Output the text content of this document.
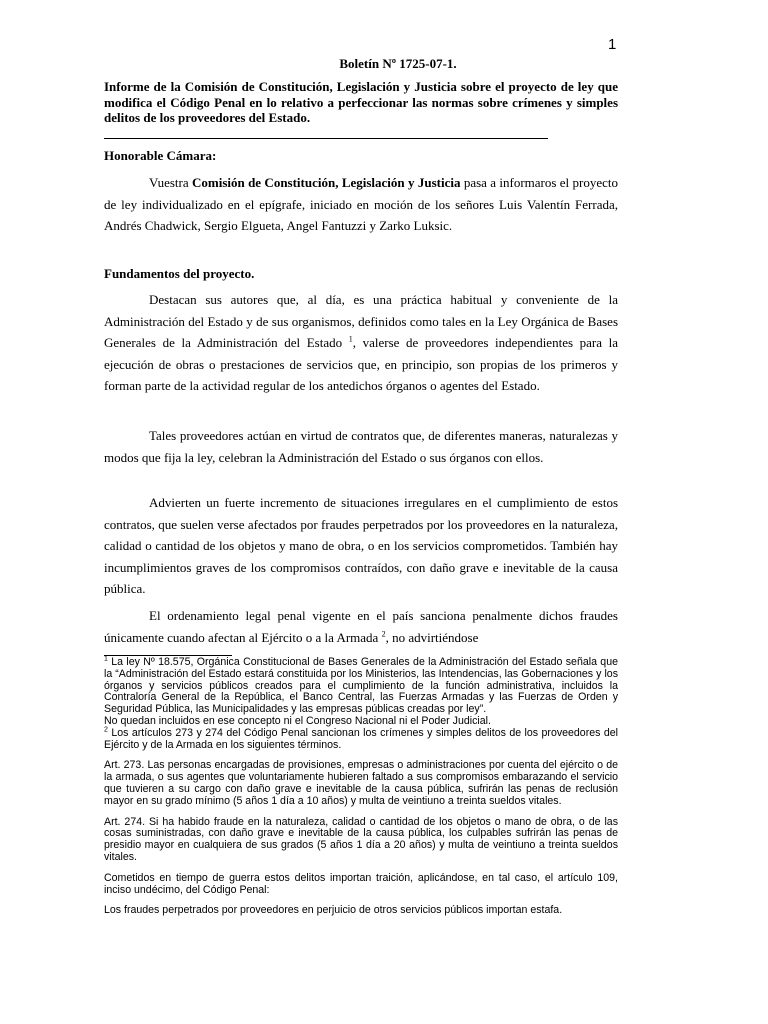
1
Boletín Nº 1725-07-1.
Informe de la Comisión de Constitución, Legislación y Justicia sobre el proyecto de ley que modifica el Código Penal en lo relativo a perfeccionar las normas sobre crímenes y simples delitos de los proveedores del Estado.
Honorable Cámara:
Vuestra Comisión de Constitución, Legislación y Justicia pasa a informaros el proyecto de ley individualizado en el epígrafe, iniciado en moción de los señores Luis Valentín Ferrada, Andrés Chadwick, Sergio Elgueta, Angel Fantuzzi y Zarko Luksic.
Fundamentos del proyecto.
Destacan sus autores que, al día, es una práctica habitual y conveniente de la Administración del Estado y de sus organismos, definidos como tales en la Ley Orgánica de Bases Generales de la Administración del Estado $^1$, valerse de proveedores independientes para la ejecución de obras o prestaciones de servicios que, en principio, son propias de los primeros y forman parte de la actividad regular de los antedichos órganos o agentes del Estado.
Tales proveedores actúan en virtud de contratos que, de diferentes maneras, naturalezas y modos que fija la ley, celebran la Administración del Estado o sus órganos con ellos.
Advierten un fuerte incremento de situaciones irregulares en el cumplimiento de estos contratos, que suelen verse afectados por fraudes perpetrados por los proveedores en la naturaleza, calidad o cantidad de los objetos y mano de obra, o en los servicios comprometidos. También hay incumplimientos graves de los compromisos contraídos, con daño grave e inevitable de la causa pública.
El ordenamiento legal penal vigente en el país sanciona penalmente dichos fraudes únicamente cuando afectan al Ejército o a la Armada $^2$, no advirtiéndose

$^1$ La ley Nº 18.575, Orgánica Constitucional de Bases Generales de la Administración del Estado señala que la “Administración del Estado estará constituida por los Ministerios, las Intendencias, las Gobernaciones y los órganos y servicios públicos creados para el cumplimiento de la función administrativa, incluidos la Contraloría General de la República, el Banco Central, las Fuerzas Armadas y las Fuerzas de Orden y Seguridad Pública, las Municipalidades y las empresas públicas creadas por ley”.

No quedan incluidos en ese concepto ni el Congreso Nacional ni el Poder Judicial.

$^2$ Los artículos 273 y 274 del Código Penal sancionan los crímenes y simples delitos de los proveedores del Ejército y de la Armada en los siguientes términos.

Art. 273. Las personas encargadas de provisiones, empresas o administraciones por cuenta del ejército o de la armada, o sus agentes que voluntariamente hubieren faltado a sus compromisos embarazando el servicio que tuvieren a su cargo con daño grave e inevitable de la causa pública, sufrirán las penas de reclusión mayor en su grado mínimo (5 años 1 día a 10 años) y multa de veintiuno a treinta sueldos vitales.

Art. 274. Si ha habido fraude en la naturaleza, calidad o cantidad de los objetos o mano de obra, o de las cosas suministradas, con daño grave e inevitable de la causa pública, los culpables sufrirán las penas de presidio mayor en cualquiera de sus grados (5 años 1 día a 20 años) y multa de veintiuno a treinta sueldos vitales.

Cometidos en tiempo de guerra estos delitos importan traición, aplicándose, en tal caso, el artículo 109, inciso undécimo, del Código Penal:

Los fraudes perpetrados por proveedores en perjuicio de otros servicios públicos importan estafa.
